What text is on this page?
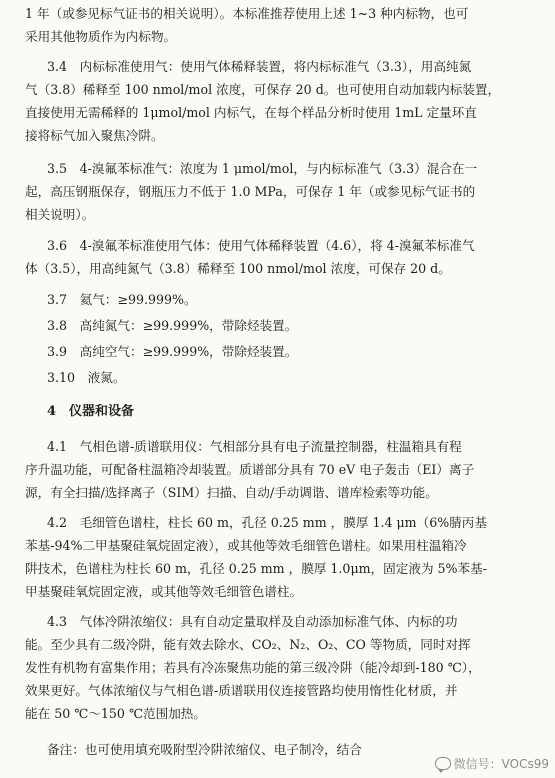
1 年（或参见标气证书的相关说明）。本标准推荐使用上述 1~3 种内标物，也可
采用其他物质作为内标物。
3.4　内标标准使用气：使用气体稀释装置，将内标标准气（3.3），用高纯氮
气（3.8）稀释至 100 nmol/mol 浓度，可保存 20 d。也可使用自动加载内标装置，
直接使用无需稀释的 1μmol/mol 内标气，在每个样品分析时使用 1mL 定量环直
接将标气加入聚焦冷阱。
3.5　4-溴氟苯标准气：浓度为 1 μmol/mol，与内标标准气（3.3）混合在一
起，高压钢瓶保存，钢瓶压力不低于 1.0 MPa，可保存 1 年（或参见标气证书的
相关说明）。
3.6　4-溴氟苯标准使用气体：使用气体稀释装置（4.6），将 4-溴氟苯标准气
体（3.5），用高纯氮气（3.8）稀释至 100 nmol/mol 浓度，可保存 20 d。
3.7　氦气：≥99.999%。
3.8　高纯氮气：≥99.999%，带除烃装置。
3.9　高纯空气：≥99.999%，带除烃装置。
3.10　液氮。
4　仪器和设备
4.1　气相色谱-质谱联用仪：气相部分具有电子流量控制器，柱温箱具有程
序升温功能，可配备柱温箱冷却装置。质谱部分具有 70 eV 电子轰击（EI）离子
源，有全扫描/选择离子（SIM）扫描、自动/手动调谐、谱库检索等功能。
4.2　毛细管色谱柱，柱长 60 m，孔径 0.25 mm ，膜厚 1.4 μm（6%腈丙基
苯基-94%二甲基聚硅氧烷固定液），或其他等效毛细管色谱柱。如果用柱温箱冷
阱技术，色谱柱为柱长 60 m，孔径 0.25 mm ，膜厚 1.0μm，固定液为 5%苯基-
甲基聚硅氧烷固定液，或其他等效毛细管色谱柱。
4.3　气体冷阱浓缩仪：具有自动定量取样及自动添加标准气体、内标的功
能。至少具有二级冷阱，能有效去除水、CO₂、N₂、O₂、CO 等物质，同时对挥
发性有机物有富集作用；若具有冷冻聚焦功能的第三级冷阱（能冷却到-180 ℃），
效果更好。气体浓缩仪与气相色谱-质谱联用仪连接管路均使用惰性化材质，并
能在 50 ℃～150 ℃范围加热。
备注：也可使用填充吸附型冷阱浓缩仪、电子制冷，结合
微信号：VOCs99
